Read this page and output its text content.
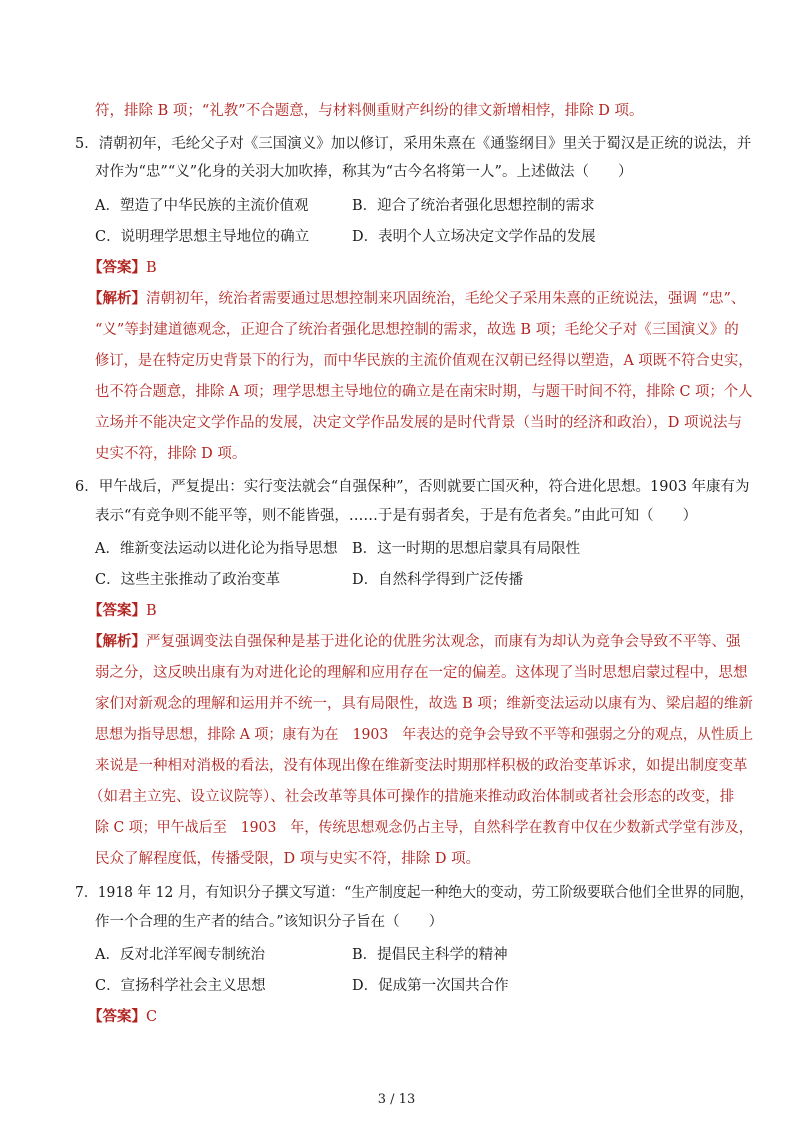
符，排除 B 项；“礼教”不合题意，与材料侧重财产纠纷的律文新增相悖，排除 D 项。
5．清朝初年，毛纶父子对《三国演义》加以修订，采用朱熹在《通鉴纲目》里关于蜀汉是正统的说法，并
对作为“忠”“义”化身的关羽大加吹捧，称其为“古今名将第一人”。上述做法（　　）
A．塑造了中华民族的主流价值观	B．迎合了统治者强化思想控制的需求
C．说明理学思想主导地位的确立	D．表明个人立场决定文学作品的发展
【答案】B
【解析】清朝初年，统治者需要通过思想控制来巩固统治，毛纶父子采用朱熹的正统说法，强调 “忠”、
“义”等封建道德观念，正迎合了统治者强化思想控制的需求，故选 B 项；毛纶父子对《三国演义》的
修订，是在特定历史背景下的行为，而中华民族的主流价值观在汉朝已经得以塑造，A 项既不符合史实，
也不符合题意，排除 A 项；理学思想主导地位的确立是在南宋时期，与题干时间不符，排除 C 项；个人
立场并不能决定文学作品的发展，决定文学作品发展的是时代背景（当时的经济和政治），D 项说法与
史实不符，排除 D 项。
6．甲午战后，严复提出：实行变法就会“自强保种”，否则就要亡国灭种，符合进化思想。1903 年康有为
表示“有竞争则不能平等，则不能皆强，……于是有弱者矣，于是有危者矣。”由此可知（　　）
A．维新变法运动以进化论为指导思想 B．这一时期的思想启蒙具有局限性
C．这些主张推动了政治变革	D．自然科学得到广泛传播
【答案】B
【解析】严复强调变法自强保种是基于进化论的优胜劣汰观念，而康有为却认为竞争会导致不平等、强
弱之分，这反映出康有为对进化论的理解和应用存在一定的偏差。这体现了当时思想启蒙过程中，思想
家们对新观念的理解和运用并不统一，具有局限性，故选 B 项；维新变法运动以康有为、梁启超的维新
思想为指导思想，排除 A 项；康有为在　1903　年表达的竞争会导致不平等和强弱之分的观点，从性质上
来说是一种相对消极的看法，没有体现出像在维新变法时期那样积极的政治变革诉求，如提出制度变革
（如君主立宪、设立议院等）、社会改革等具体可操作的措施来推动政治体制或者社会形态的改变，排
除 C 项；甲午战后至　1903　年，传统思想观念仍占主导，自然科学在教育中仅在少数新式学堂有涉及，
民众了解程度低，传播受限，D 项与史实不符，排除 D 项。
7．1918 年 12 月，有知识分子撰文写道：“生产制度起一种绝大的变动，劳工阶级要联合他们全世界的同胞，
作一个合理的生产者的结合。”该知识分子旨在（　　）
A．反对北洋军阀专制统治	B．提倡民主科学的精神
C．宣扬科学社会主义思想	D．促成第一次国共合作
【答案】C
3 / 13
